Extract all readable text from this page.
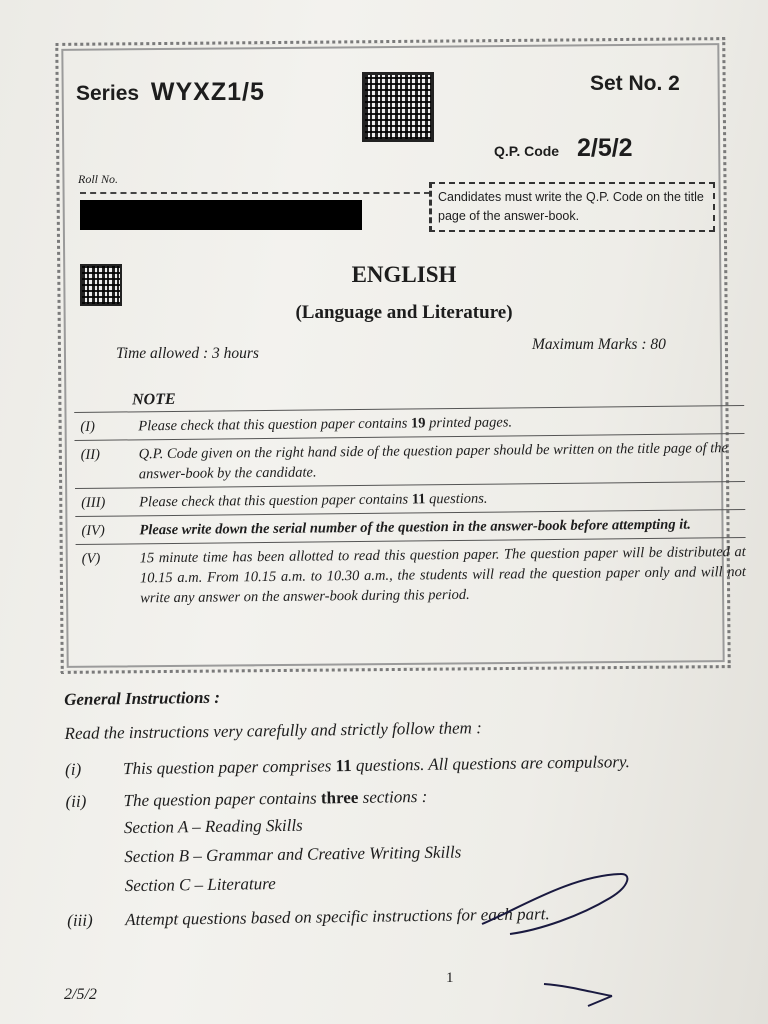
Series WYXZ1/5	Set No. 2
Q.P. Code 2/5/2
Roll No.
Candidates must write the Q.P. Code on the title page of the answer-book.
ENGLISH
(Language and Literature)
Time allowed : 3 hours
Maximum Marks : 80
NOTE
(I)	Please check that this question paper contains 19 printed pages.
(II)	Q.P. Code given on the right hand side of the question paper should be written on the title page of the answer-book by the candidate.
(III)	Please check that this question paper contains 11 questions.
(IV)	Please write down the serial number of the question in the answer-book before attempting it.
(V)	15 minute time has been allotted to read this question paper. The question paper will be distributed at 10.15 a.m. From 10.15 a.m. to 10.30 a.m., the students will read the question paper only and will not write any answer on the answer-book during this period.
General Instructions :
Read the instructions very carefully and strictly follow them :
(i)	This question paper comprises 11 questions. All questions are compulsory.
(ii)	The question paper contains three sections :
Section A – Reading Skills
Section B – Grammar and Creative Writing Skills
Section C – Literature
(iii)	Attempt questions based on specific instructions for each part.
1
2/5/2
